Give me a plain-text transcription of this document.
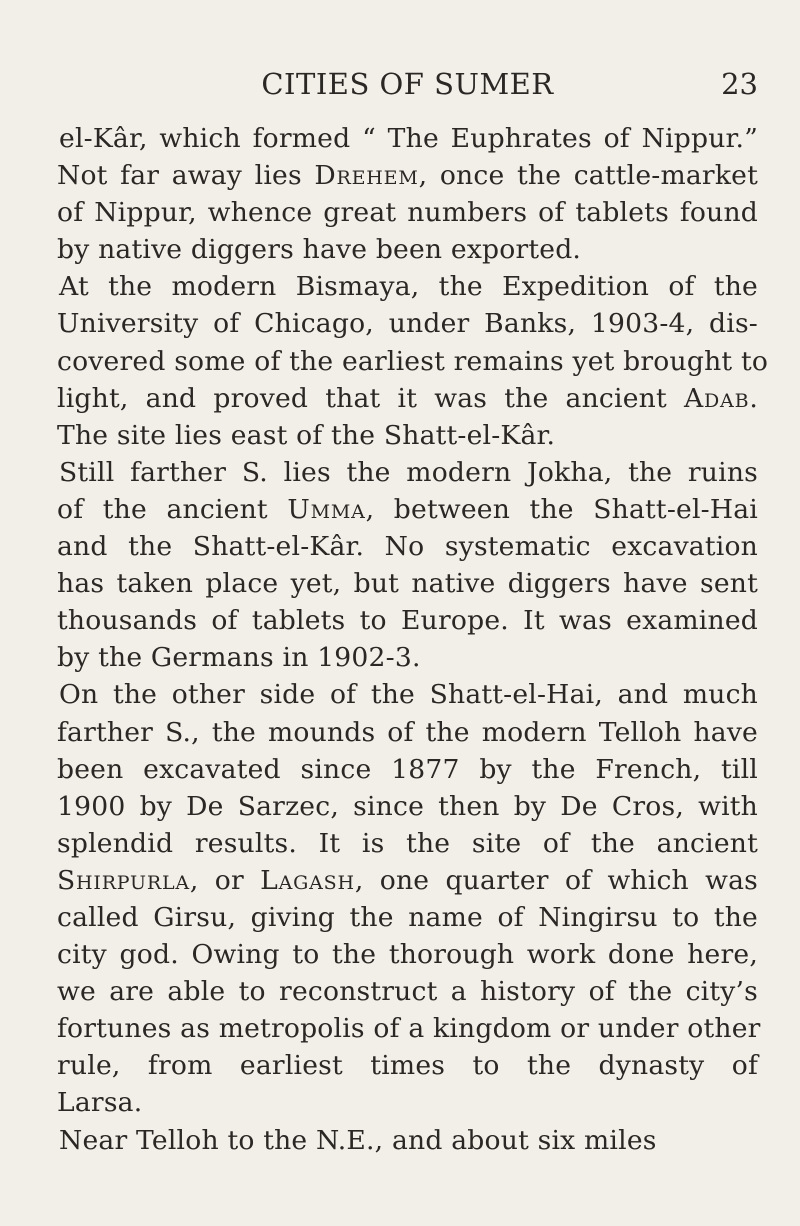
CITIES OF SUMER	23
el-Kâr, which formed “ The Euphrates of Nippur.”
Not far away lies Drehem, once the cattle-market
of Nippur, whence great numbers of tablets found
by native diggers have been exported.
At the modern Bismaya, the Expedition of the
University of Chicago, under Banks, 1903-4, dis-
covered some of the earliest remains yet brought to
light, and proved that it was the ancient Adab.
The site lies east of the Shatt-el-Kâr.
Still farther S. lies the modern Jokha, the ruins
of the ancient Umma, between the Shatt-el-Hai
and the Shatt-el-Kâr. No systematic excavation
has taken place yet, but native diggers have sent
thousands of tablets to Europe. It was examined
by the Germans in 1902-3.
On the other side of the Shatt-el-Hai, and much
farther S., the mounds of the modern Telloh have
been excavated since 1877 by the French, till
1900 by De Sarzec, since then by De Cros, with
splendid results. It is the site of the ancient
Shirpurla, or Lagash, one quarter of which was
called Girsu, giving the name of Ningirsu to the
city god. Owing to the thorough work done here,
we are able to reconstruct a history of the city’s
fortunes as metropolis of a kingdom or under other
rule, from earliest times to the dynasty of
Larsa.
Near Telloh to the N.E., and about six miles
